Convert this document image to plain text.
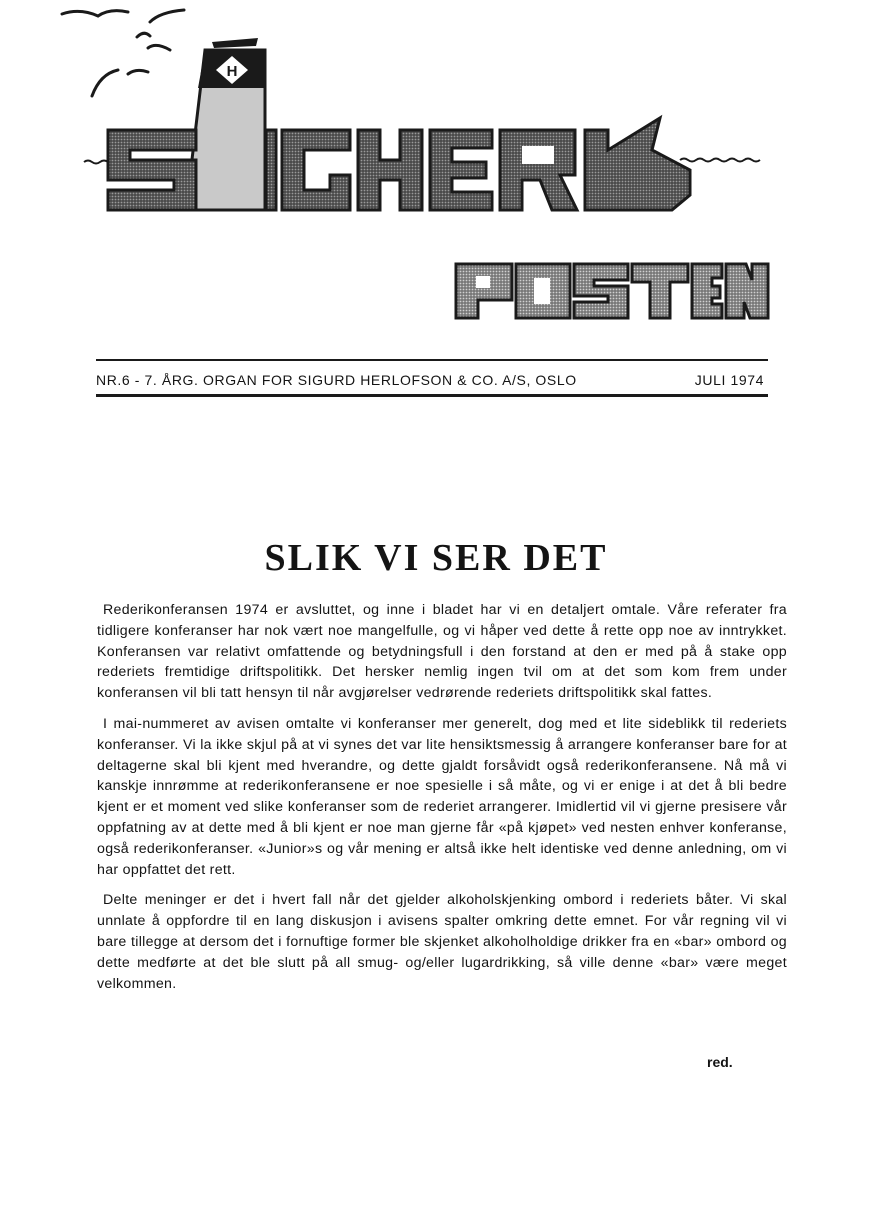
H
NR.6 - 7. ÅRG. ORGAN FOR SIGURD HERLOFSON & CO. A/S, OSLO	JULI 1974
SLIK VI SER DET

Rederikonferansen 1974 er avsluttet, og inne i bladet har vi en detaljert omtale. Våre referater fra tidligere konferanser har nok vært noe mangelfulle, og vi håper ved dette å rette opp noe av inntrykket. Konferansen var relativt omfattende og betydningsfull i den forstand at den er med på å stake opp rederiets fremtidige driftspolitikk. Det hersker nemlig ingen tvil om at det som kom frem under konferansen vil bli tatt hensyn til når avgjørelser vedrørende rederiets driftspolitikk skal fattes.

I mai-nummeret av avisen omtalte vi konferanser mer generelt, dog med et lite sideblikk til rederiets konferanser. Vi la ikke skjul på at vi synes det var lite hensiktsmessig å arrangere konferanser bare for at deltagerne skal bli kjent med hverandre, og dette gjaldt forsåvidt også rederikonferansene. Nå må vi kanskje innrømme at rederikonferansene er noe spesielle i så måte, og vi er enige i at det å bli bedre kjent er et moment ved slike konferanser som de rederiet arrangerer. Imidlertid vil vi gjerne presisere vår oppfatning av at dette med å bli kjent er noe man gjerne får «på kjøpet» ved nesten enhver konferanse, også rederikonferanser. «Junior»s og vår mening er altså ikke helt identiske ved denne anledning, om vi har oppfattet det rett.

Delte meninger er det i hvert fall når det gjelder alkoholskjenking ombord i rederiets båter. Vi skal unnlate å oppfordre til en lang diskusjon i avisens spalter omkring dette emnet. For vår regning vil vi bare tillegge at dersom det i fornuftige former ble skjenket alkoholholdige drikker fra en «bar» ombord og dette medførte at det ble slutt på all smug- og/eller lugardrikking, så ville denne «bar» være meget velkommen.

red.
